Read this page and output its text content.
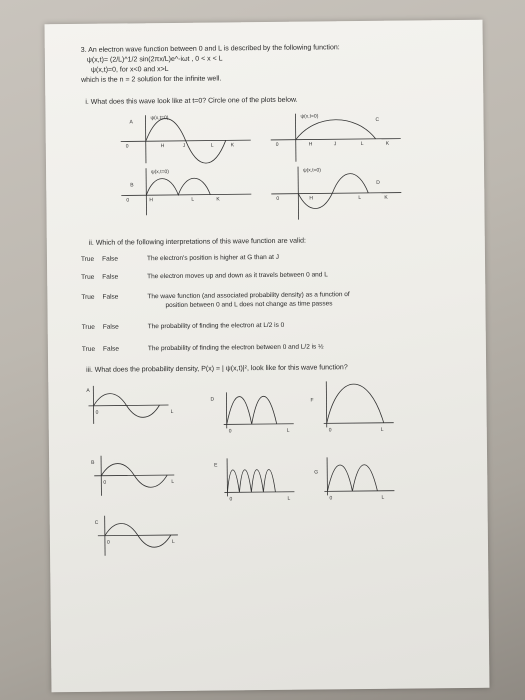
3. An electron wave function between 0 and L is described by the following function:
ψ(x,t)= (2/L)^1/2 sin(2πx/L)e^-iωt , 0 < x < L
ψ(x,t)=0, for x<0 and x>L
which is the n = 2 solution for the infinite well.
i. What does this wave look like at t=0? Circle one of the plots below.
A	C
B	D
ψ(x,t=0)	ψ(x,t=0)
ψ(x,t=0)	ψ(x,t=0)
0	H	J	L	K	0	H	J	L	K
0	H	L	K	0	H	L	K
ii. Which of the following interpretations of this wave function are valid:
True False	The electron's position is higher at G than at J
True False	The electron moves up and down as it travels between 0 and L
True False	The wave function (and associated probability density) as a function of
position between 0 and L does not change as time passes
True False	The probability of finding the electron at L/2 is 0
True False	The probability of finding the electron between 0 and L/2 is ½
iii. What does the probability density, P(x) = | ψ(x,t)|², look like for this wave function?
A
D	F
B	E
G
C
0	L
0	L	0	L
0	L
0	L	0	L
0	L
